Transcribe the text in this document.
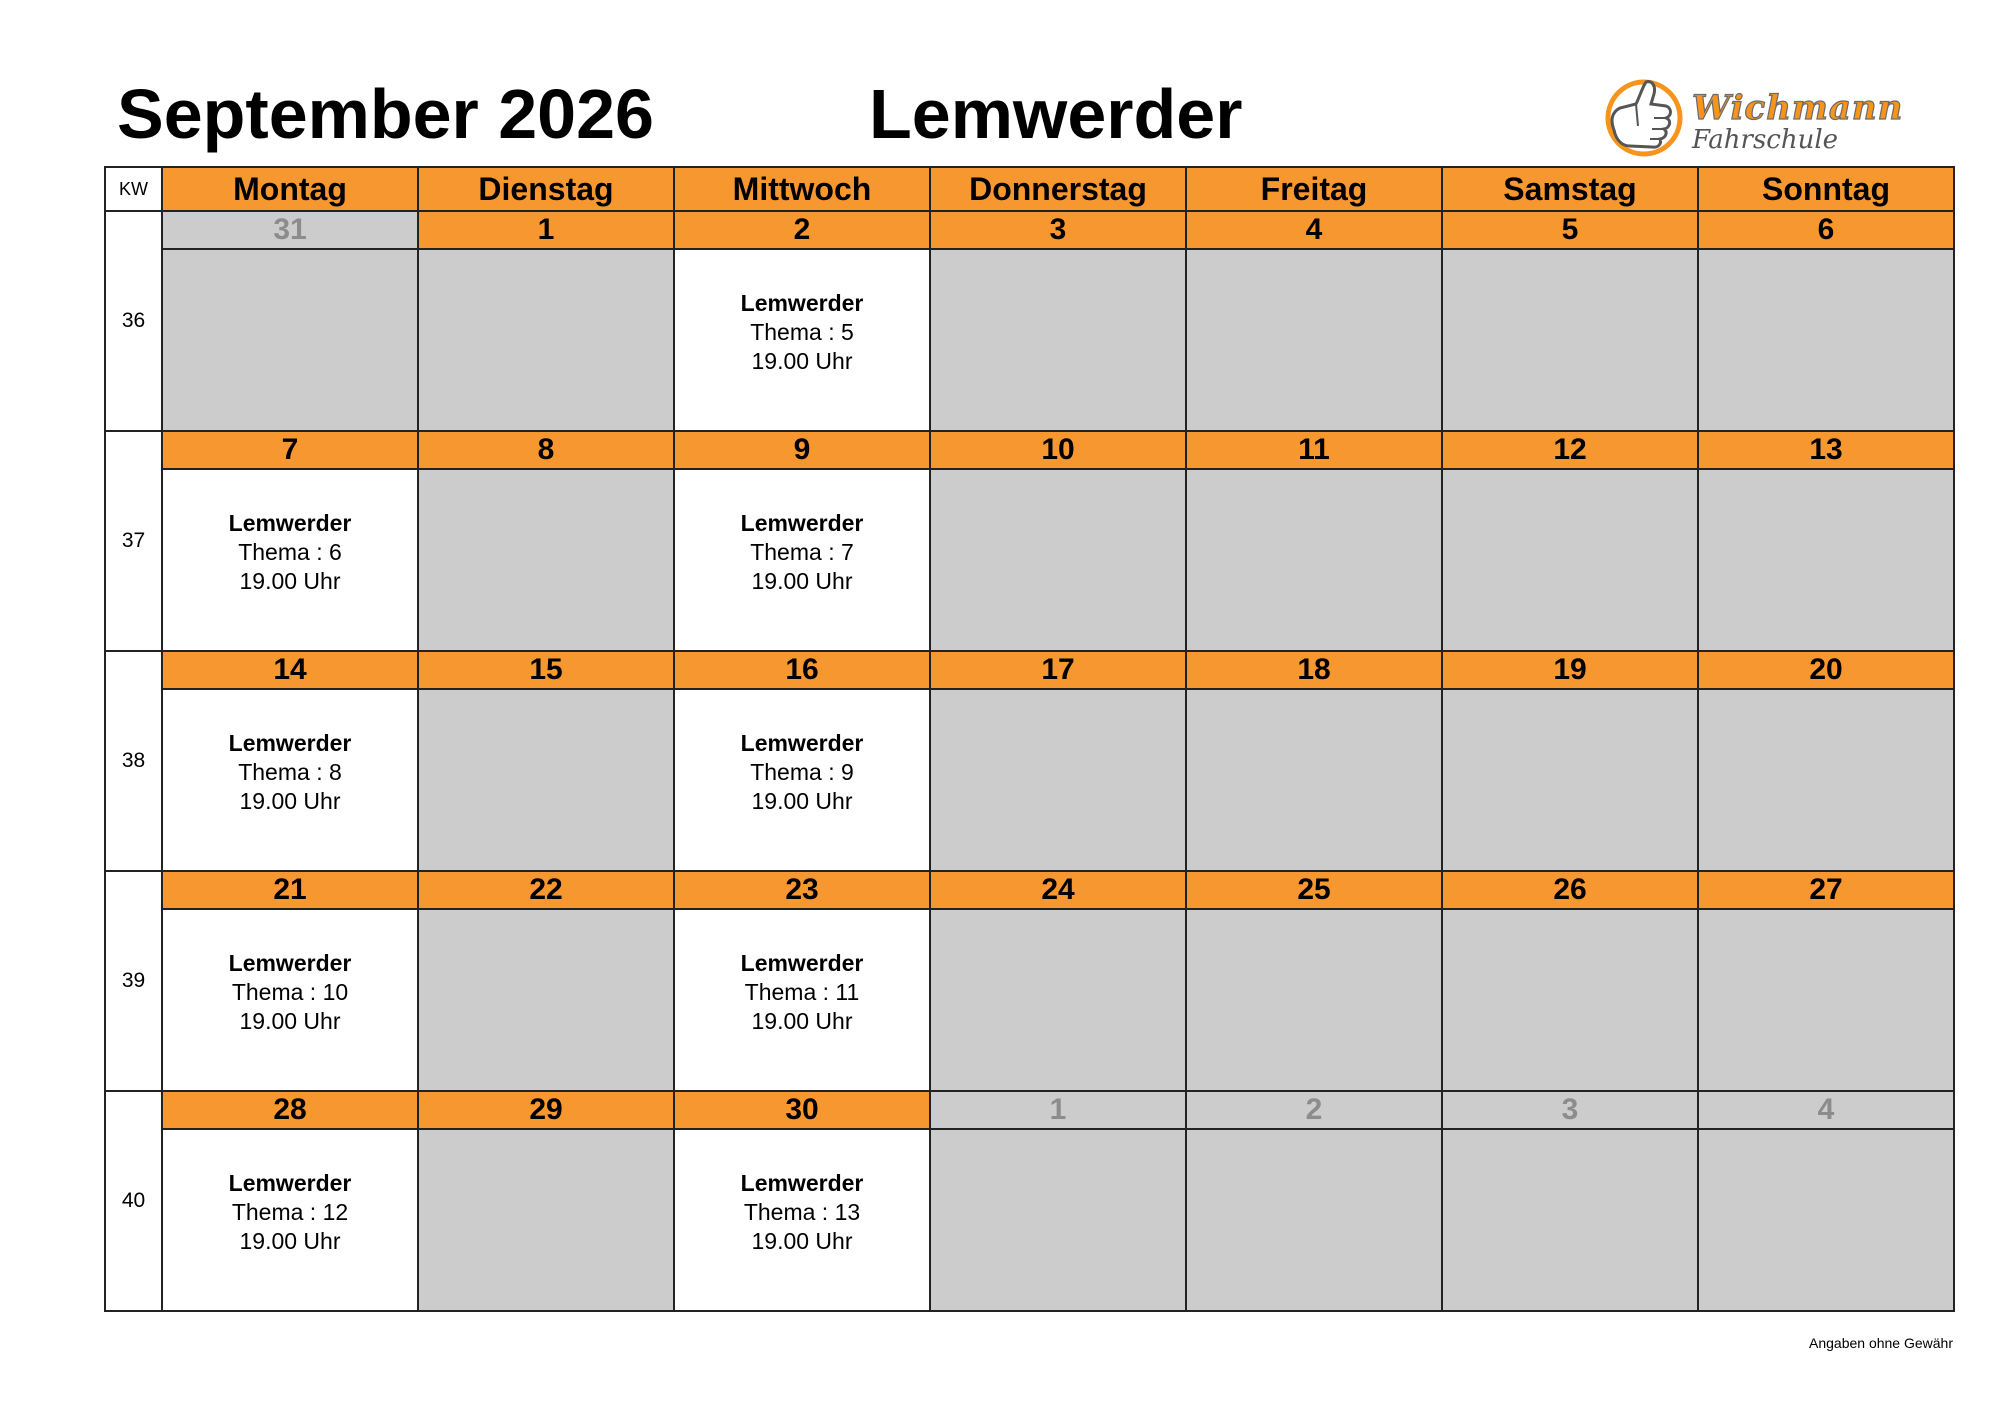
September 2026	Lemwerder	Wichmann
Fahrschule
KW	Montag	Dienstag	Mittwoch	Donnerstag	Freitag	Samstag	Sonntag
36	31	1	2	3	4	5	6

			Lemwerder
Thema : 5
19.00 Uhr				

37	7	8	9	10	11	12	13

	Lemwerder
Thema : 6
19.00 Uhr		Lemwerder
Thema : 7
19.00 Uhr				

38	14	15	16	17	18	19	20

	Lemwerder
Thema : 8
19.00 Uhr		Lemwerder
Thema : 9
19.00 Uhr				

39	21	22	23	24	25	26	27

	Lemwerder
Thema : 10
19.00 Uhr		Lemwerder
Thema : 11
19.00 Uhr				

40	28	29	30	1	2	3	4

	Lemwerder
Thema : 12
19.00 Uhr		Lemwerder
Thema : 13
19.00 Uhr				

Angaben ohne Gewähr
